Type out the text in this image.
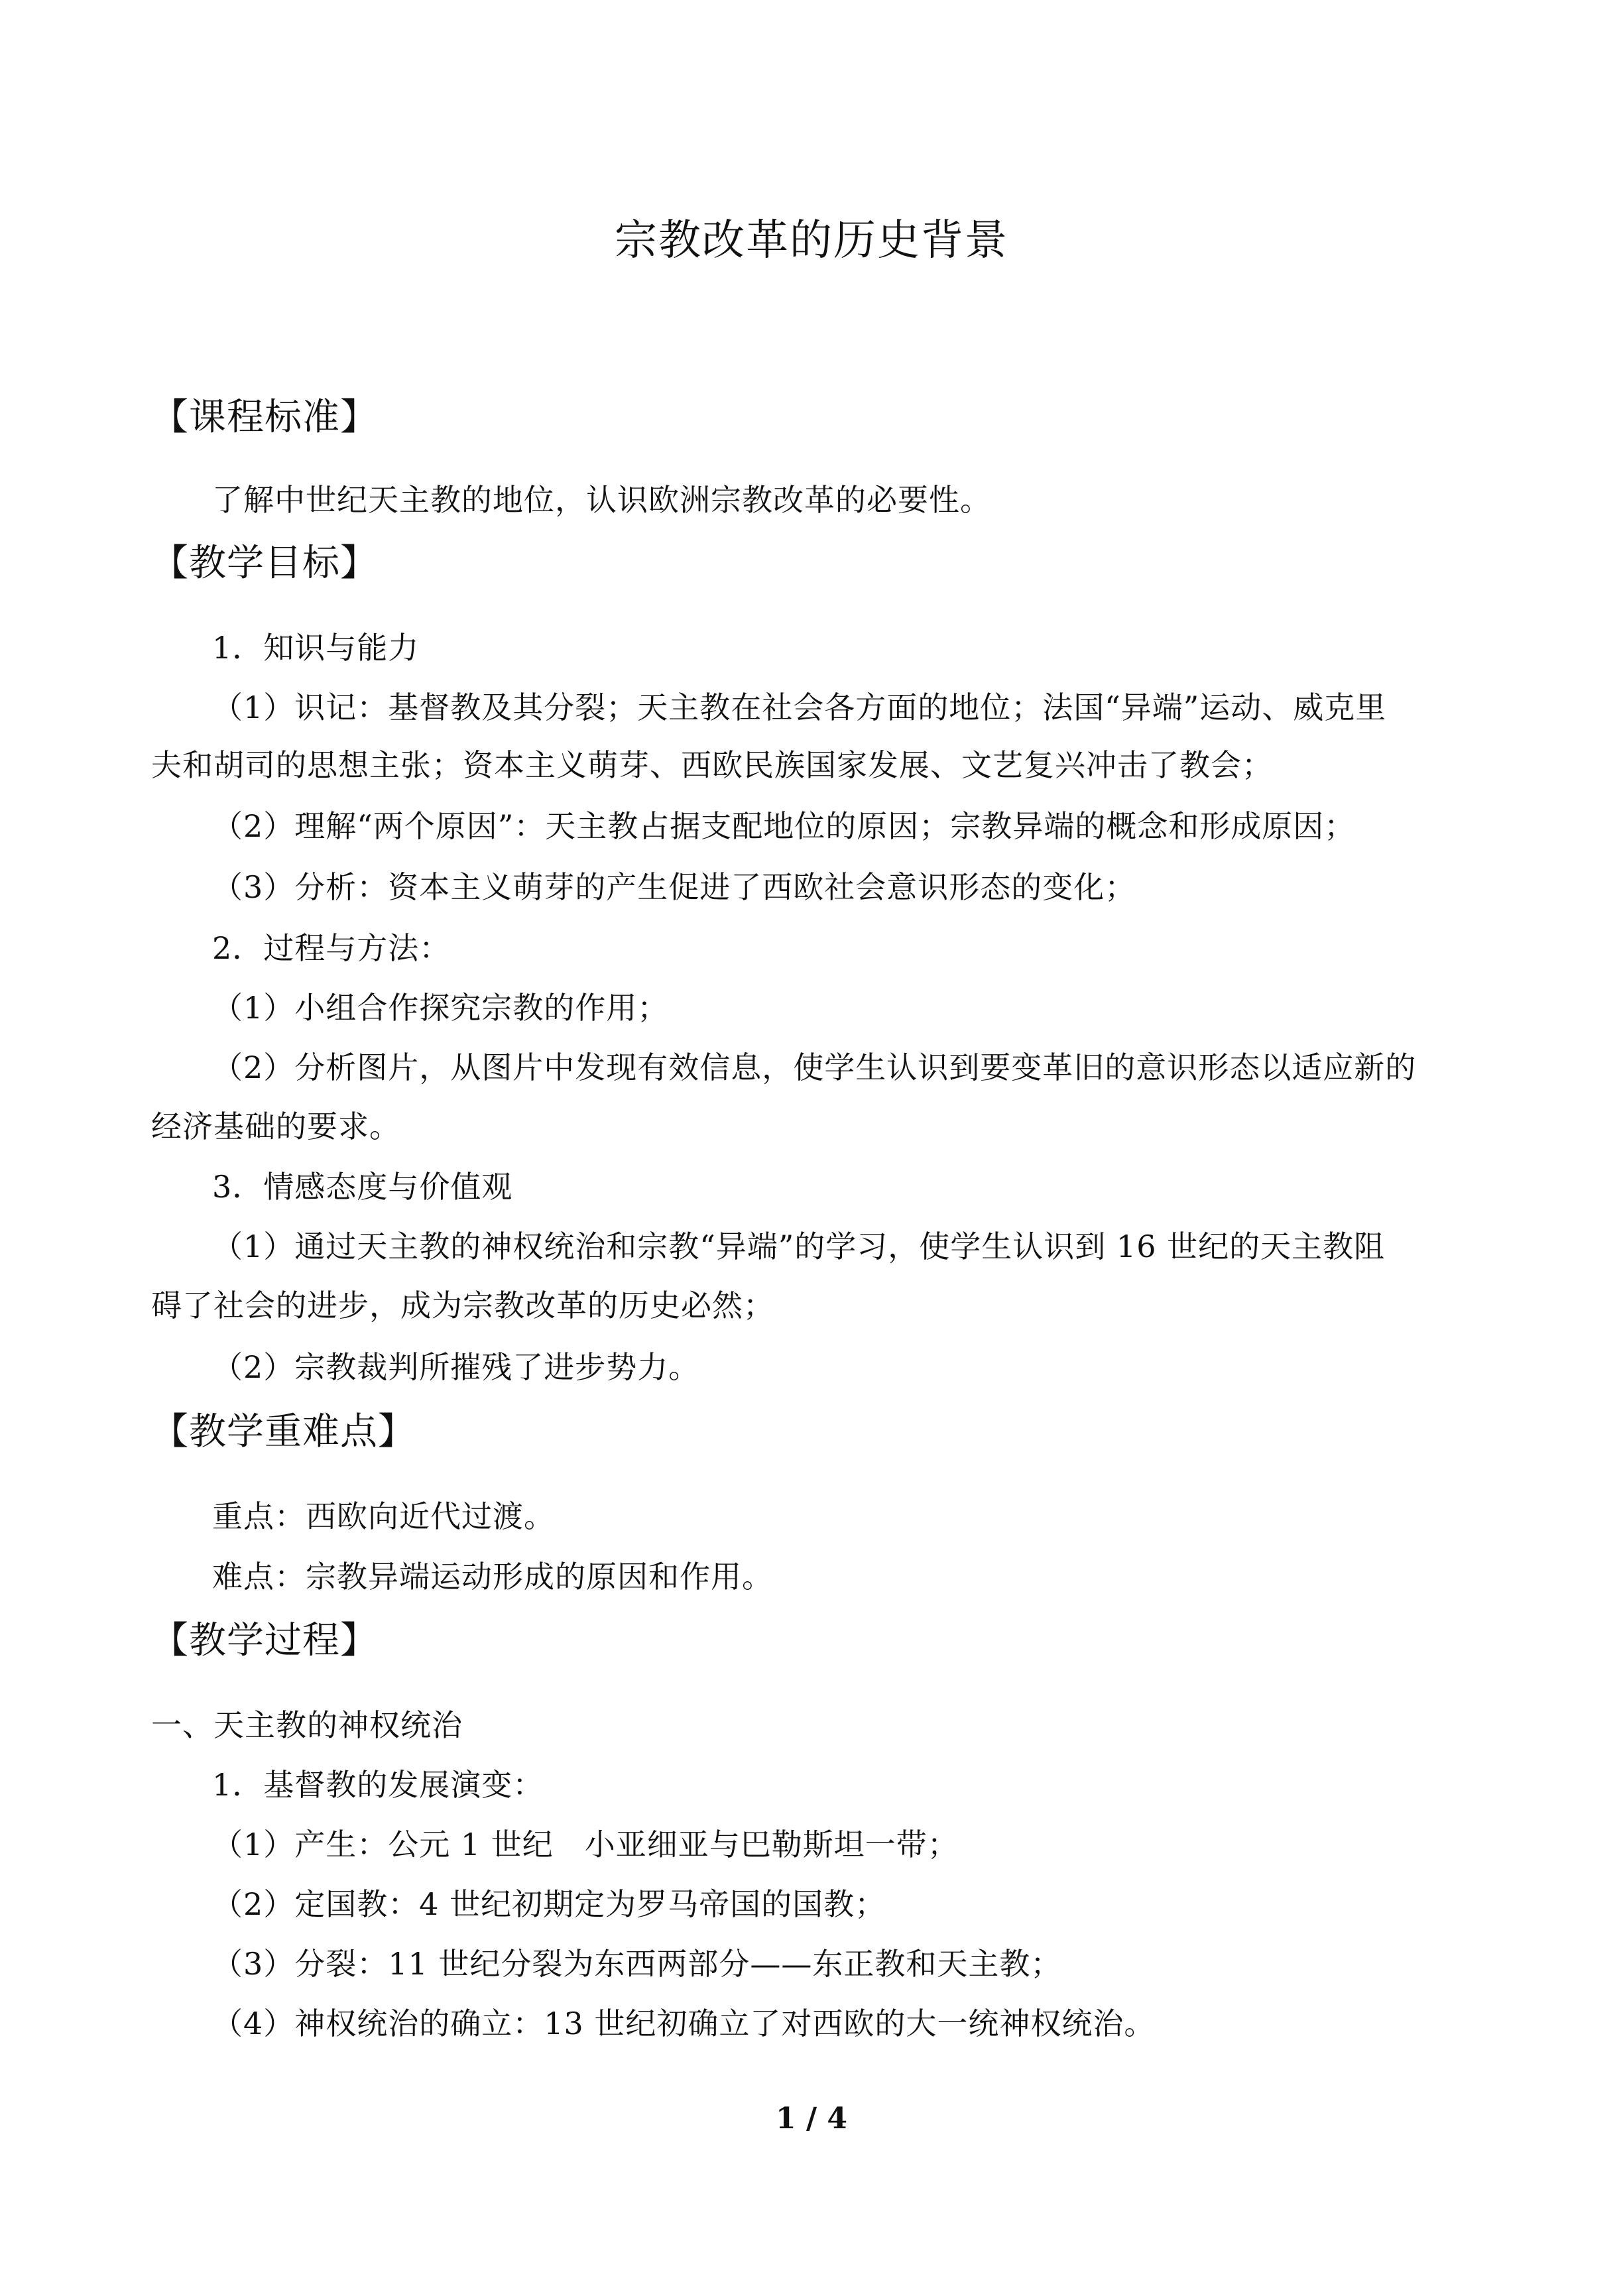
宗教改革的历史背景
【课程标准】
了解中世纪天主教的地位，认识欧洲宗教改革的必要性。
【教学目标】
1．知识与能力
（1）识记：基督教及其分裂；天主教在社会各方面的地位；法国“异端”运动、威克里
夫和胡司的思想主张；资本主义萌芽、西欧民族国家发展、文艺复兴冲击了教会；
（2）理解“两个原因”：天主教占据支配地位的原因；宗教异端的概念和形成原因；
（3）分析：资本主义萌芽的产生促进了西欧社会意识形态的变化；
2．过程与方法：
（1）小组合作探究宗教的作用；
（2）分析图片，从图片中发现有效信息，使学生认识到要变革旧的意识形态以适应新的
经济基础的要求。
3．情感态度与价值观
（1）通过天主教的神权统治和宗教“异端”的学习，使学生认识到 16 世纪的天主教阻
碍了社会的进步，成为宗教改革的历史必然；
（2）宗教裁判所摧残了进步势力。
【教学重难点】
重点：西欧向近代过渡。
难点：宗教异端运动形成的原因和作用。
【教学过程】
一、天主教的神权统治
1．基督教的发展演变：
（1）产生：公元 1 世纪　小亚细亚与巴勒斯坦一带；
（2）定国教：4 世纪初期定为罗马帝国的国教；
（3）分裂：11 世纪分裂为东西两部分——东正教和天主教；
（4）神权统治的确立：13 世纪初确立了对西欧的大一统神权统治。
1 / 4
